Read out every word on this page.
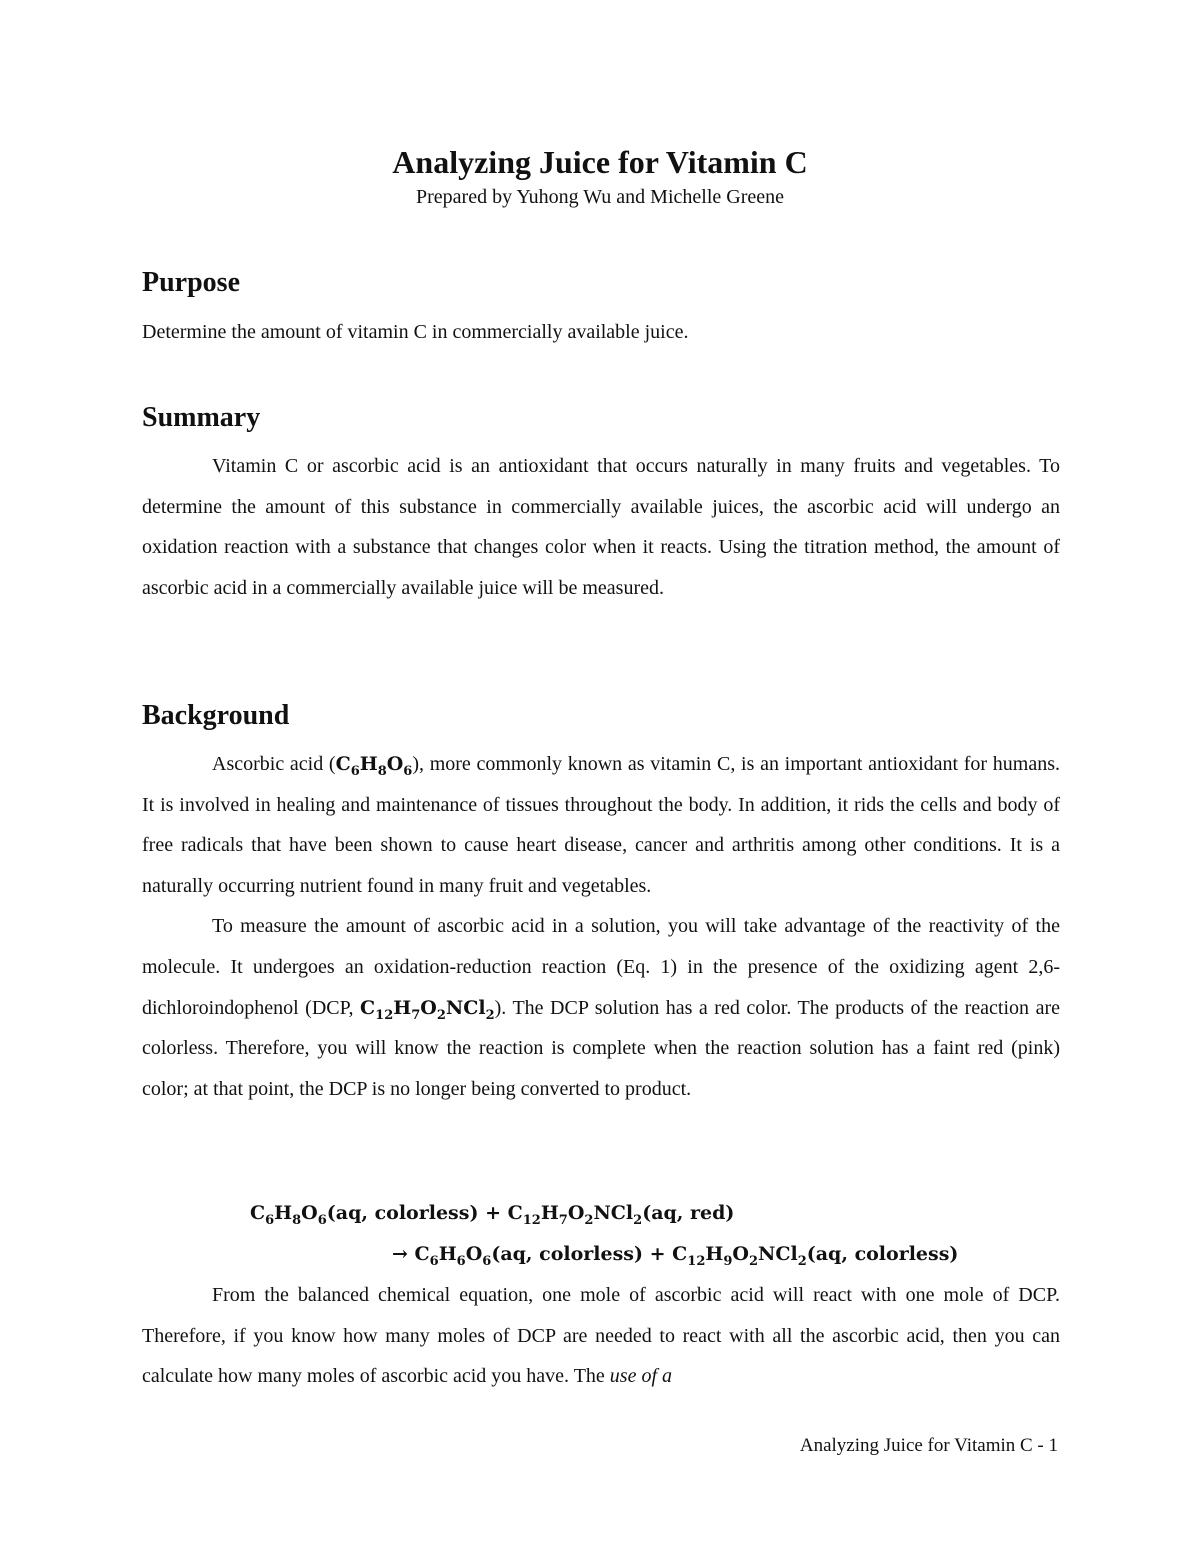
Analyzing Juice for Vitamin C
Prepared by Yuhong Wu and Michelle Greene
Purpose

Determine the amount of vitamin C in commercially available juice.

Summary

Vitamin C or ascorbic acid is an antioxidant that occurs naturally in many fruits and vegetables. To determine the amount of this substance in commercially available juices, the ascorbic acid will undergo an oxidation reaction with a substance that changes color when it reacts. Using the titration method, the amount of ascorbic acid in a commercially available juice will be measured.

Background

Ascorbic acid $(C_6H_8O_6)$, more commonly known as vitamin C, is an important antioxidant for humans. It is involved in healing and maintenance of tissues throughout the body. In addition, it rids the cells and body of free radicals that have been shown to cause heart disease, cancer and arthritis among other conditions. It is a naturally occurring nutrient found in many fruit and vegetables.

To measure the amount of ascorbic acid in a solution, you will take advantage of the reactivity of the molecule. It undergoes an oxidation-reduction reaction (Eq. 1) in the presence of the oxidizing agent 2,6-dichloroindophenol (DCP, $C_{12}H_7O_2NCl_2$). The DCP solution has a red color. The products of the reaction are colorless. Therefore, you will know the reaction is complete when the reaction solution has a faint red (pink) color; at that point, the DCP is no longer being converted to product.

$C_6H_8O_6(aq$, colorless) + $C_{12}H_7O_2NCl_2(aq$, red)
→ $C_6H_6O_6(aq$, colorless) + $C_{12}H_9O_2NCl_2(aq$, colorless)

From the balanced chemical equation, one mole of ascorbic acid will react with one mole of DCP. Therefore, if you know how many moles of DCP are needed to react with all the ascorbic acid, then you can calculate how many moles of ascorbic acid you have. The use of a

Analyzing Juice for Vitamin C - 1
